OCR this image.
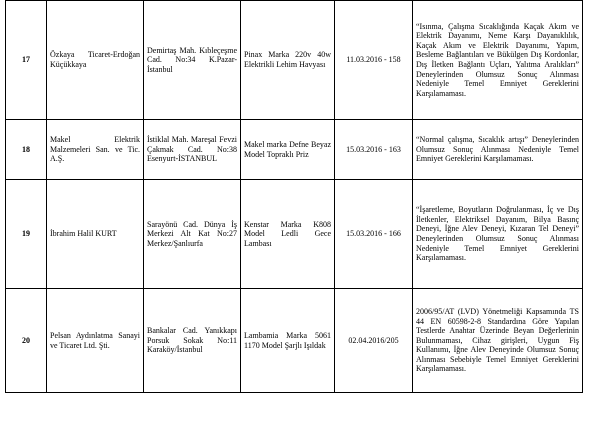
17	Özkaya Ticaret-Erdoğan Küçükkaya	Demirtaş Mah. Kıbleçeşme Cad. No:34 K.Pazar-İstanbul	Pinax Marka 220v 40w Elektrikli Lehim Havyası	11.03.2016 - 158	“Isınma, Çalışma Sıcaklığında Kaçak Akım ve Elektrik Dayanımı, Neme Karşı Dayanıklılık, Kaçak Akım ve Elektrik Dayanımı, Yapım, Besleme Bağlantıları ve Bükülgen Dış Kordonlar, Dış İletken Bağlantı Uçları, Yalıtma Aralıkları” Deneylerinden Olumsuz Sonuç Alınması Nedeniyle Temel Emniyet Gereklerini Karşılamaması.
18	Makel Elektrik Malzemeleri San. ve Tic. A.Ş.	İstiklal Mah. Mareşal Fevzi Çakmak Cad. No:38 Esenyurt-İSTANBUL	Makel marka Defne Beyaz Model Topraklı Priz	15.03.2016 - 163	“Normal çalışma, Sıcaklık artışı” Deneylerinden Olumsuz Sonuç Alınması Nedeniyle Temel Emniyet Gereklerini Karşılamaması.
19	İbrahim Halil KURT	Sarayönü Cad. Dünya İş Merkezi Alt Kat No:27 Merkez/Şanlıurfa	Kenstar Marka K808 Model Ledli Gece Lambası	15.03.2016 - 166	“İşaretleme, Boyutların Doğrulanması, İç ve Dış İletkenler, Elektriksel Dayanım, Bilya Basınç Deneyi, İğne Alev Deneyi, Kızaran Tel Deneyi” Deneylerinden Olumsuz Sonuç Alınması Nedeniyle Temel Emniyet Gereklerini Karşılamaması.
20	Pelsan Aydınlatma Sanayi ve Ticaret Ltd. Şti.	Bankalar Cad. Yanıkkapı Porsuk Sokak No:11 Karaköy/İstanbul	Lambamia Marka 5061 1170 Model Şarjlı Işıldak	02.04.2016/205	2006/95/AT (LVD) Yönetmeliği Kapsamında TS 44 EN 60598-2-8 Standardına Göre Yapılan Testlerde Anahtar Üzerinde Beyan Değerlerinin Bulunmaması, Cihaz girişleri, Uygun Fiş Kullanımı, İğne Alev Deneyinde Olumsuz Sonuç Alınması Sebebiyle Temel Emniyet Gereklerini Karşılamaması.
